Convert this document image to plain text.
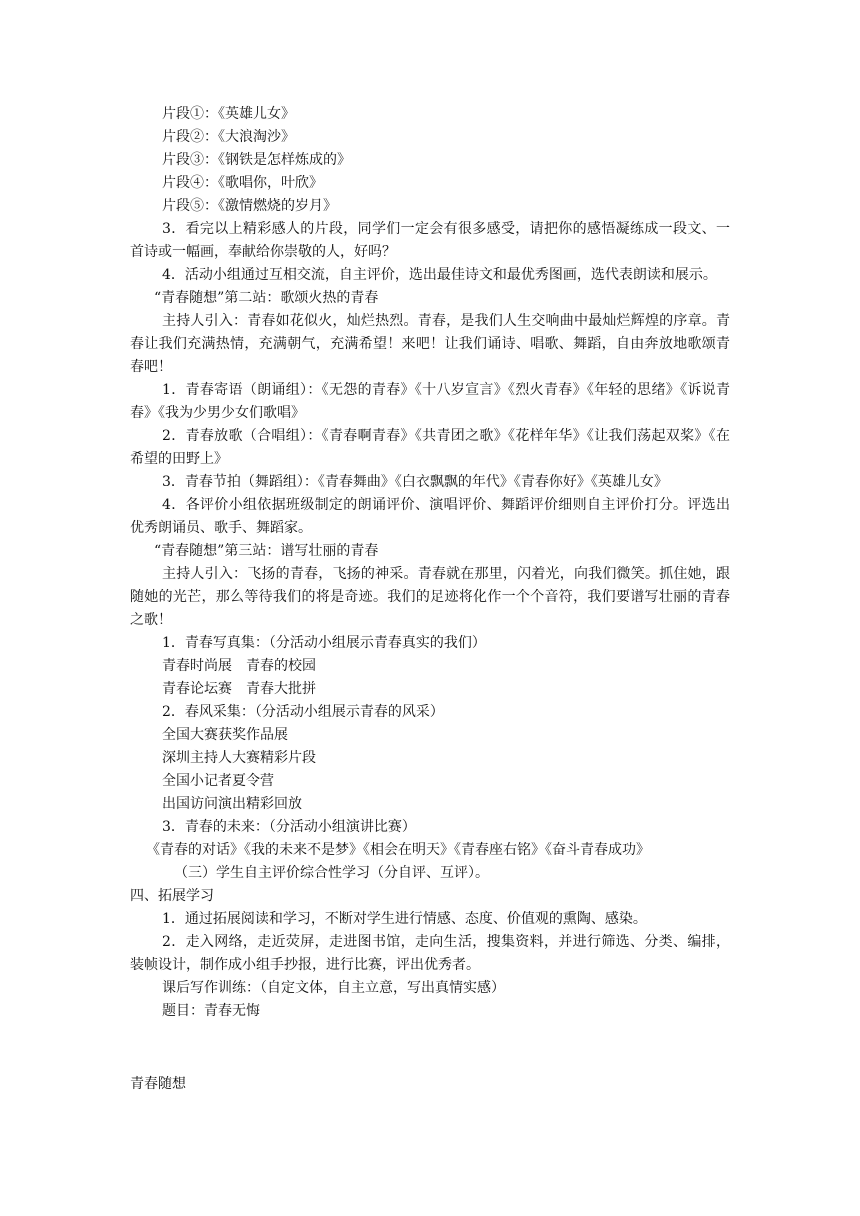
片段①：《英雄儿女》
片段②：《大浪淘沙》
片段③：《钢铁是怎样炼成的》
片段④：《歌唱你，叶欣》
片段⑤：《激情燃烧的岁月》

3．看完以上精彩感人的片段，同学们一定会有很多感受，请把你的感悟凝练成一段文、一首诗或一幅画，奉献给你崇敬的人，好吗？

4．活动小组通过互相交流，自主评价，选出最佳诗文和最优秀图画，选代表朗读和展示。

“青春随想”第二站：歌颂火热的青春

主持人引入：青春如花似火，灿烂热烈。青春，是我们人生交响曲中最灿烂辉煌的序章。青春让我们充满热情，充满朝气，充满希望！来吧！让我们诵诗、唱歌、舞蹈，自由奔放地歌颂青春吧！

1．青春寄语（朗诵组）：《无怨的青春》《十八岁宣言》《烈火青春》《年轻的思绪》《诉说青春》《我为少男少女们歌唱》

2．青春放歌（合唱组）：《青春啊青春》《共青团之歌》《花样年华》《让我们荡起双桨》《在希望的田野上》

3．青春节拍（舞蹈组）：《青春舞曲》《白衣飘飘的年代》《青春你好》《英雄儿女》

4．各评价小组依据班级制定的朗诵评价、演唱评价、舞蹈评价细则自主评价打分。评选出优秀朗诵员、歌手、舞蹈家。

“青春随想”第三站：谱写壮丽的青春

主持人引入：飞扬的青春，飞扬的神采。青春就在那里，闪着光，向我们微笑。抓住她，跟随她的光芒，那么等待我们的将是奇迹。我们的足迹将化作一个个音符，我们要谱写壮丽的青春之歌！

1．青春写真集：（分活动小组展示青春真实的我们）
青春时尚展　青春的校园
青春论坛赛　青春大批拼
2．春风采集：（分活动小组展示青春的风采）
全国大赛获奖作品展
深圳主持人大赛精彩片段
全国小记者夏令营
出国访问演出精彩回放
3．青春的未来：（分活动小组演讲比赛）
《青春的对话》《我的未来不是梦》《相会在明天》《青春座右铭》《奋斗青春成功》
（三）学生自主评价综合性学习（分自评、互评）。
四、拓展学习
1．通过拓展阅读和学习，不断对学生进行情感、态度、价值观的熏陶、感染。

2．走入网络，走近荧屏，走进图书馆，走向生活，搜集资料，并进行筛选、分类、编排，装帧设计，制作成小组手抄报，进行比赛，评出优秀者。

课后写作训练：（自定文体，自主立意，写出真情实感）
题目：青春无悔
青春随想
